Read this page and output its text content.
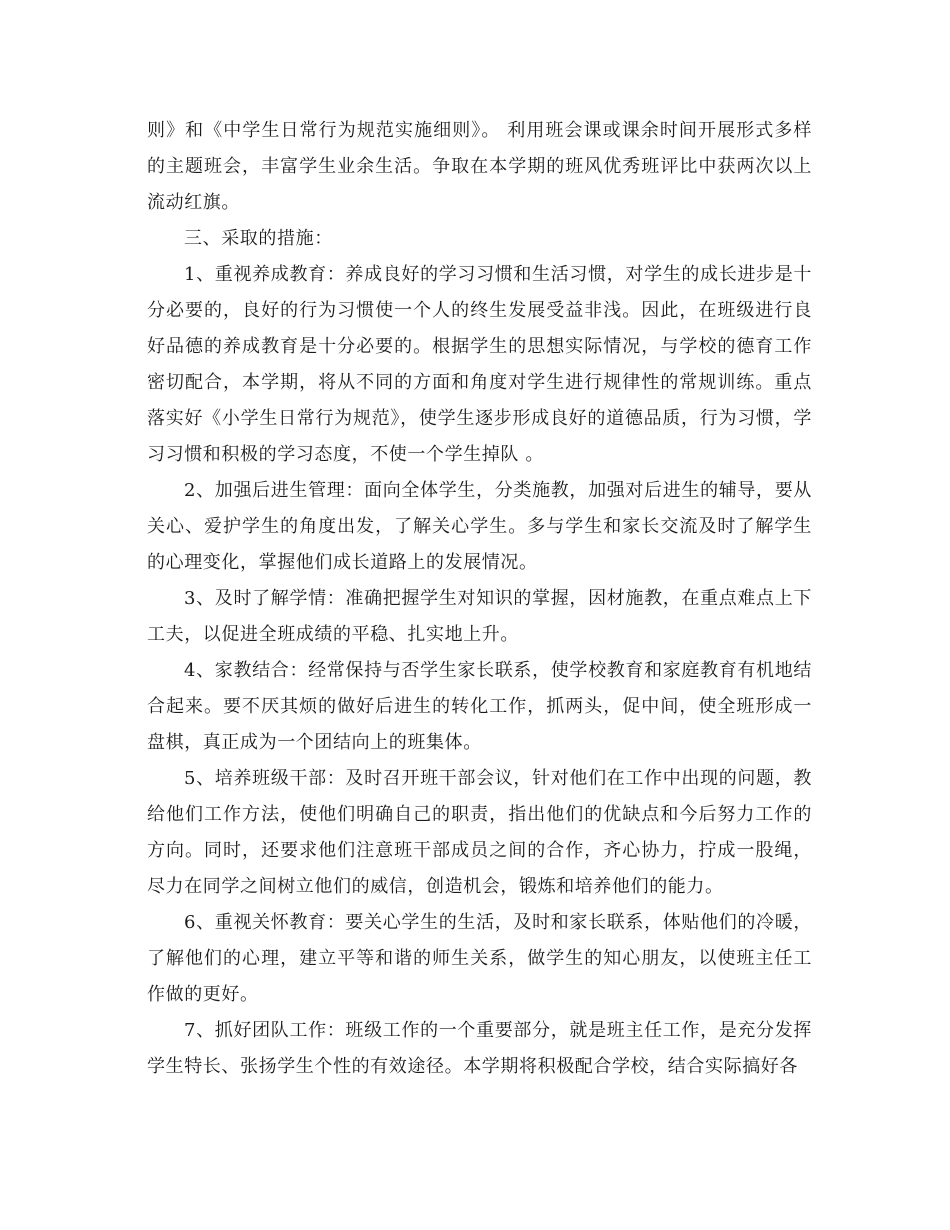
则》和《中学生日常行为规范实施细则》。 利用班会课或课余时间开展形式多样的主题班会，丰富学生业余生活。争取在本学期的班风优秀班评比中获两次以上流动红旗。

三、采取的措施：

1、重视养成教育：养成良好的学习习惯和生活习惯，对学生的成长进步是十分必要的，良好的行为习惯使一个人的终生发展受益非浅。因此，在班级进行良好品德的养成教育是十分必要的。根据学生的思想实际情况，与学校的德育工作密切配合，本学期，将从不同的方面和角度对学生进行规律性的常规训练。重点落实好《小学生日常行为规范》，使学生逐步形成良好的道德品质，行为习惯，学习习惯和积极的学习态度，不使一个学生掉队 。

2、加强后进生管理：面向全体学生，分类施教，加强对后进生的辅导，要从关心、爱护学生的角度出发，了解关心学生。多与学生和家长交流及时了解学生的心理变化，掌握他们成长道路上的发展情况。

3、及时了解学情：准确把握学生对知识的掌握，因材施教，在重点难点上下工夫，以促进全班成绩的平稳、扎实地上升。

4、家教结合：经常保持与否学生家长联系，使学校教育和家庭教育有机地结合起来。要不厌其烦的做好后进生的转化工作，抓两头，促中间，使全班形成一盘棋，真正成为一个团结向上的班集体。

5、培养班级干部：及时召开班干部会议，针对他们在工作中出现的问题，教给他们工作方法，使他们明确自己的职责，指出他们的优缺点和今后努力工作的方向。同时，还要求他们注意班干部成员之间的合作，齐心协力，拧成一股绳，尽力在同学之间树立他们的威信，创造机会，锻炼和培养他们的能力。

6、重视关怀教育：要关心学生的生活，及时和家长联系，体贴他们的冷暖，了解他们的心理，建立平等和谐的师生关系，做学生的知心朋友，以使班主任工作做的更好。

7、抓好团队工作：班级工作的一个重要部分，就是班主任工作，是充分发挥学生特长、张扬学生个性的有效途径。本学期将积极配合学校，结合实际搞好各
